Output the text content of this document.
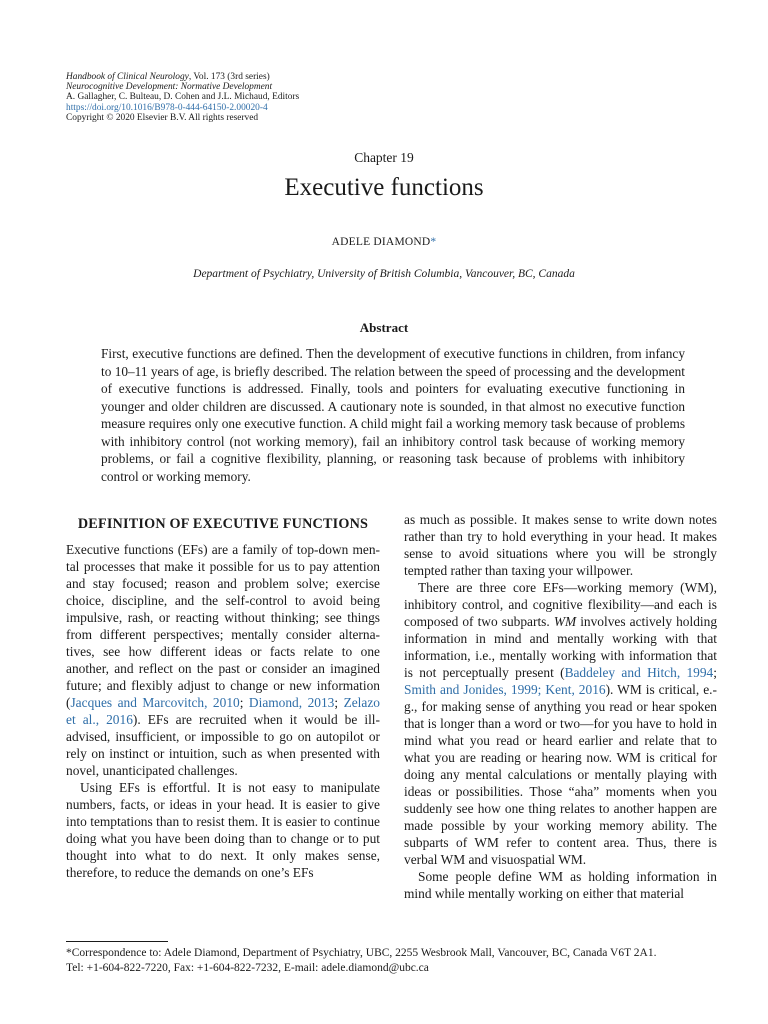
Handbook of Clinical Neurology, Vol. 173 (3rd series)
Neurocognitive Development: Normative Development
A. Gallagher, C. Bulteau, D. Cohen and J.L. Michaud, Editors
https://doi.org/10.1016/B978-0-444-64150-2.00020-4
Copyright © 2020 Elsevier B.V. All rights reserved
Chapter 19
Executive functions
ADELE DIAMOND*
Department of Psychiatry, University of British Columbia, Vancouver, BC, Canada
Abstract

First, executive functions are defined. Then the development of executive functions in children, from infancy to 10–11 years of age, is briefly described. The relation between the speed of processing and the development of executive functions is addressed. Finally, tools and pointers for evaluating executive functioning in younger and older children are discussed. A cautionary note is sounded, in that almost no executive function measure requires only one executive function. A child might fail a working memory task because of problems with inhibitory control (not working memory), fail an inhibitory control task because of working memory problems, or fail a cognitive flexibility, planning, or reasoning task because of problems with inhibitory control or working memory.

DEFINITION OF EXECUTIVE FUNCTIONS

Executive functions (EFs) are a family of top-down mental processes that make it possible for us to pay attention and stay focused; reason and problem solve; exercise choice, discipline, and the self-control to avoid being impulsive, rash, or reacting without thinking; see things from different perspectives; mentally consider alternatives, see how different ideas or facts relate to one another, and reflect on the past or consider an imagined future; and flexibly adjust to change or new information (Jacques and Marcovitch, 2010; Diamond, 2013; Zelazo et al., 2016). EFs are recruited when it would be ill-advised, insufficient, or impossible to go on autopilot or rely on instinct or intuition, such as when presented with novel, unanticipated challenges.

Using EFs is effortful. It is not easy to manipulate numbers, facts, or ideas in your head. It is easier to give into temptations than to resist them. It is easier to continue doing what you have been doing than to change or to put thought into what to do next. It only makes sense, therefore, to reduce the demands on one’s EFs

as much as possible. It makes sense to write down notes rather than try to hold everything in your head. It makes sense to avoid situations where you will be strongly tempted rather than taxing your willpower.

There are three core EFs—working memory (WM), inhibitory control, and cognitive flexibility—and each is composed of two subparts. WM involves actively holding information in mind and mentally working with that information, i.e., mentally working with information that is not perceptually present (Baddeley and Hitch, 1994; Smith and Jonides, 1999; Kent, 2016). WM is critical, e.g., for making sense of anything you read or hear spoken that is longer than a word or two—for you have to hold in mind what you read or heard earlier and relate that to what you are reading or hearing now. WM is critical for doing any mental calculations or mentally playing with ideas or possibilities. Those “aha” moments when you suddenly see how one thing relates to another happen are made possible by your working memory ability. The subparts of WM refer to content area. Thus, there is verbal WM and visuospatial WM.

Some people define WM as holding information in mind while mentally working on either that material

*Correspondence to: Adele Diamond, Department of Psychiatry, UBC, 2255 Wesbrook Mall, Vancouver, BC, Canada V6T 2A1.
Tel: +1-604-822-7220, Fax: +1-604-822-7232, E-mail: adele.diamond@ubc.ca
